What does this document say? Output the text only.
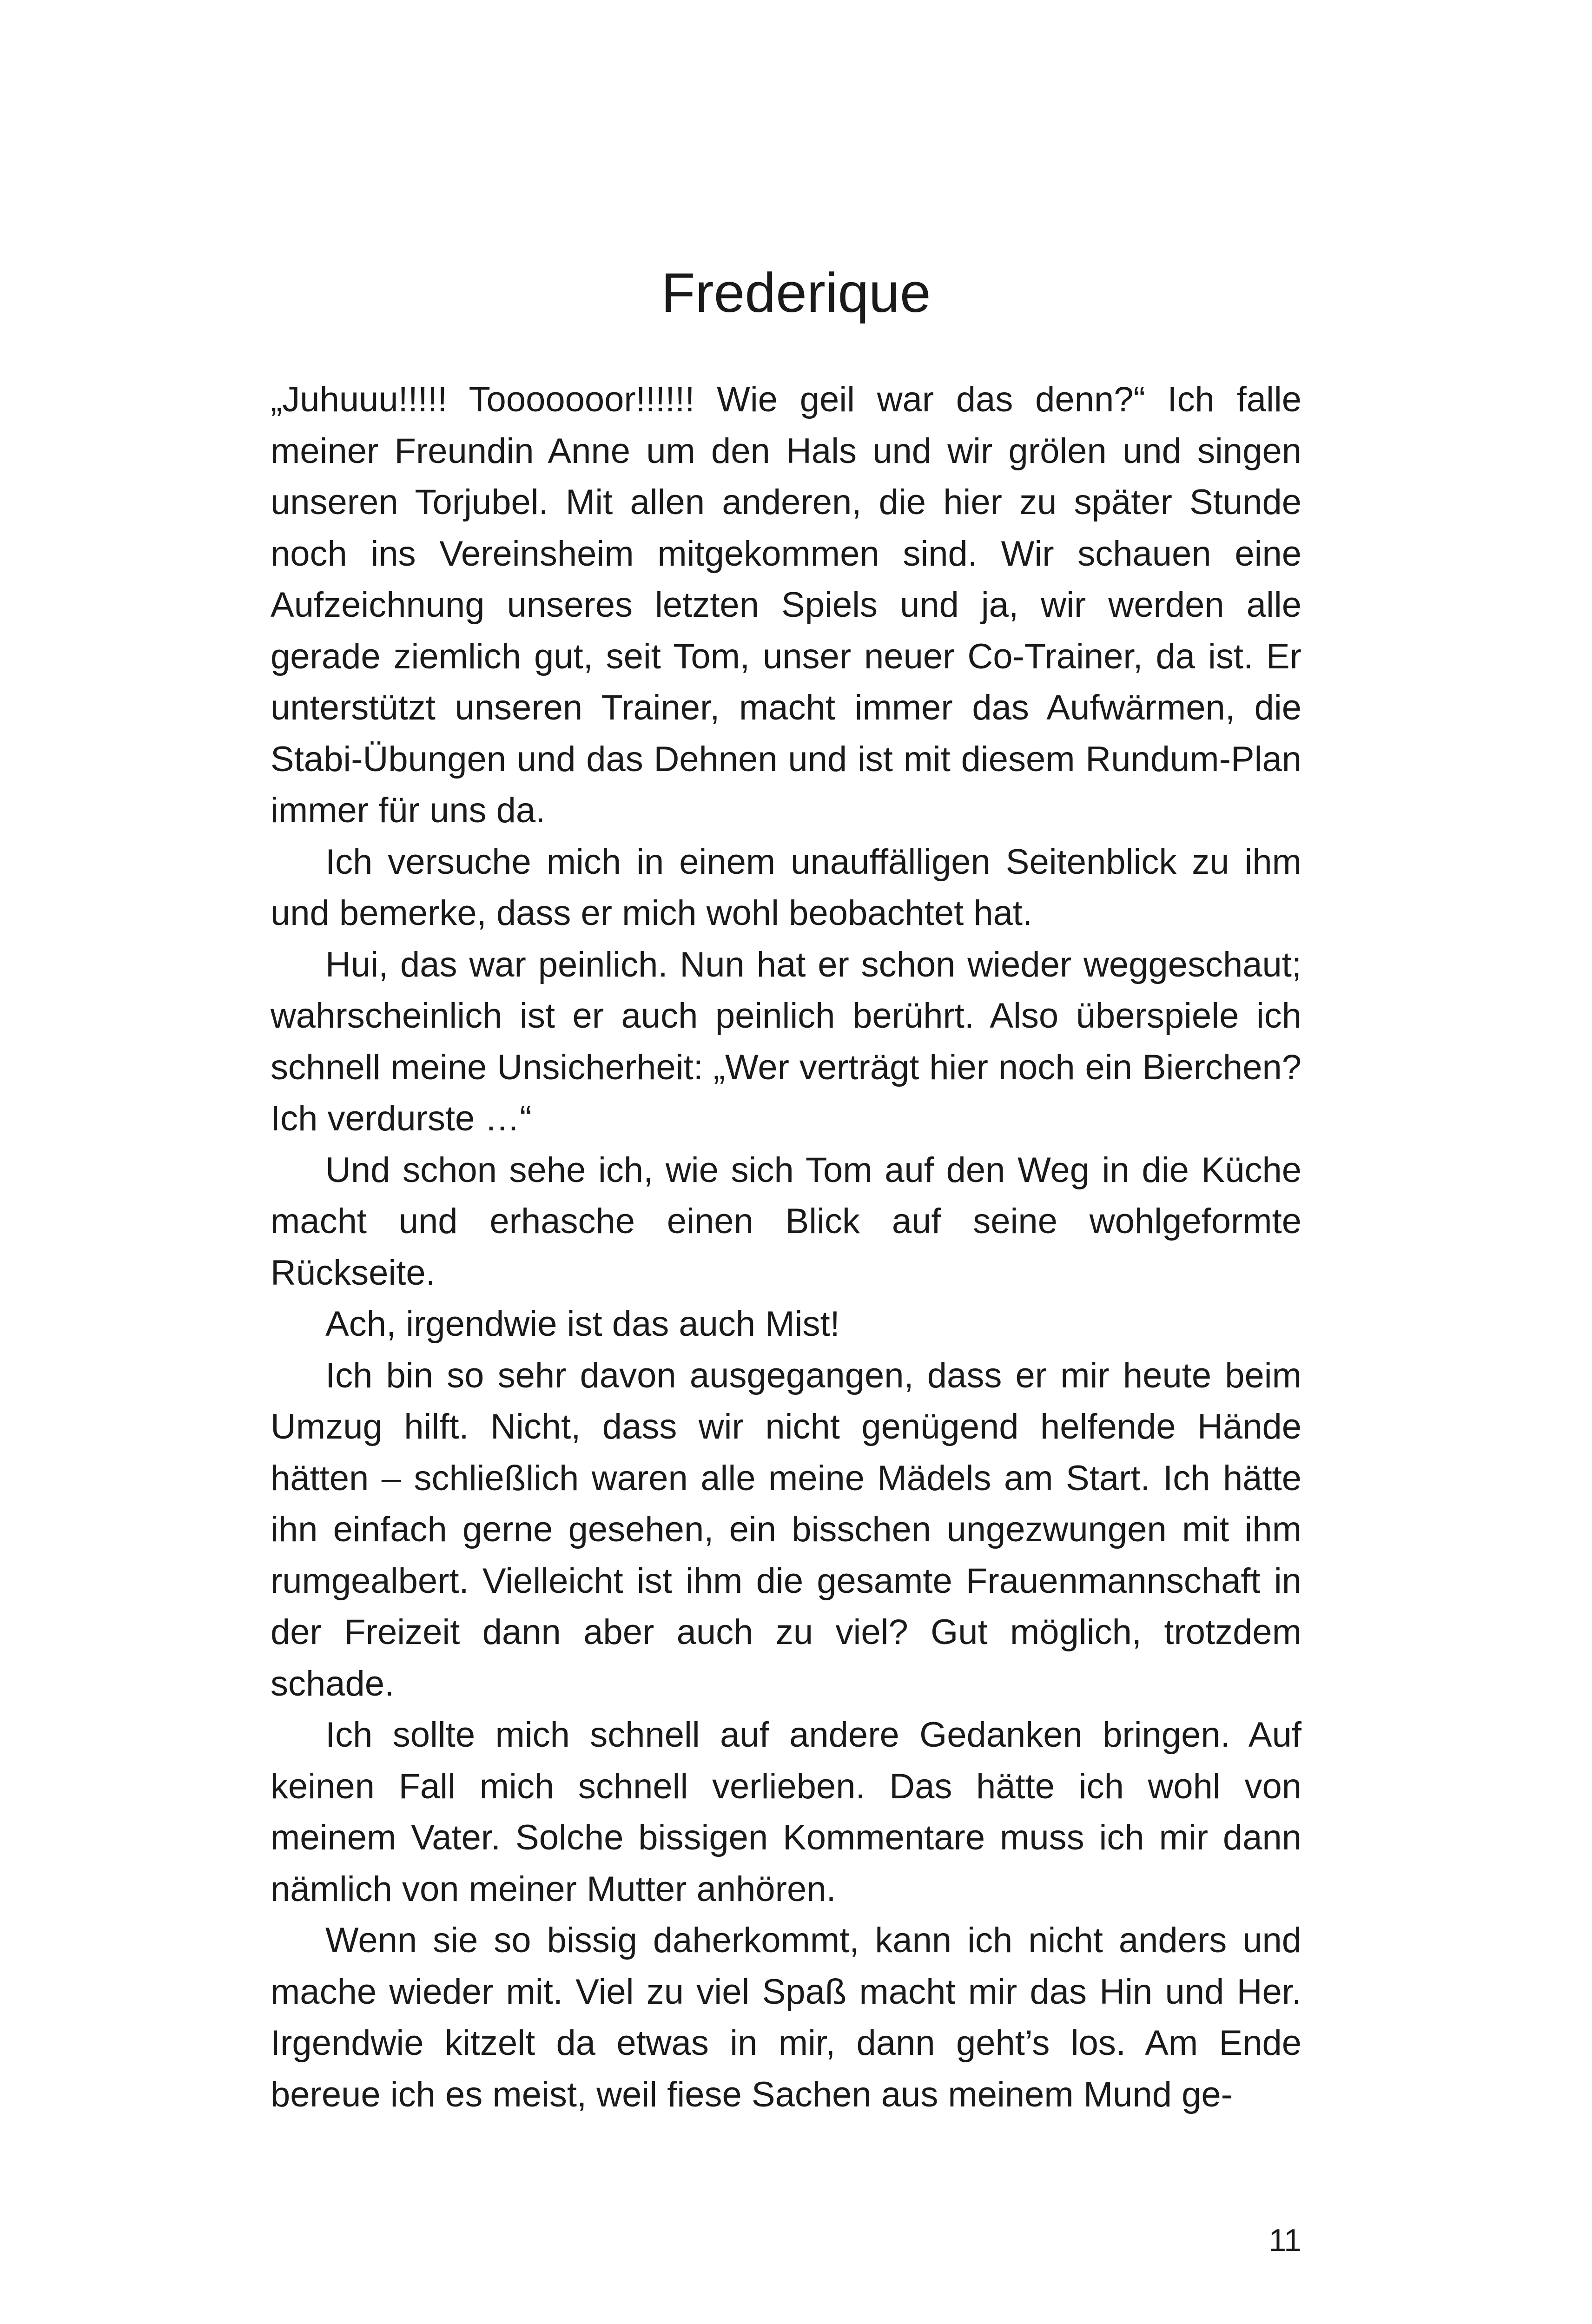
Frederique

„Juhuuu!!!!! Tooooooor!!!!!! Wie geil war das denn?“ Ich falle meiner Freundin Anne um den Hals und wir grölen und singen unseren Torjubel. Mit allen anderen, die hier zu später Stunde noch ins Vereinsheim mitgekommen sind. Wir schauen eine Aufzeichnung unseres letzten Spiels und ja, wir werden alle gerade ziemlich gut, seit Tom, unser neuer Co-Trainer, da ist. Er unterstützt unseren Trainer, macht immer das Aufwärmen, die Stabi-Übungen und das Dehnen und ist mit diesem Rundum-Plan immer für uns da.

Ich versuche mich in einem unauffälligen Seitenblick zu ihm und bemerke, dass er mich wohl beobachtet hat.

Hui, das war peinlich. Nun hat er schon wieder weggeschaut; wahrscheinlich ist er auch peinlich berührt. Also überspiele ich schnell meine Unsicherheit: „Wer verträgt hier noch ein Bierchen? Ich verdurste …“

Und schon sehe ich, wie sich Tom auf den Weg in die Küche macht und erhasche einen Blick auf seine wohlgeformte Rückseite.

Ach, irgendwie ist das auch Mist!

Ich bin so sehr davon ausgegangen, dass er mir heute beim Umzug hilft. Nicht, dass wir nicht genügend helfende Hände hätten – schließlich waren alle meine Mädels am Start. Ich hätte ihn einfach gerne gesehen, ein bisschen ungezwungen mit ihm rumgealbert. Vielleicht ist ihm die gesamte Frauenmannschaft in der Freizeit dann aber auch zu viel? Gut möglich, trotzdem schade.

Ich sollte mich schnell auf andere Gedanken bringen. Auf keinen Fall mich schnell verlieben. Das hätte ich wohl von meinem Vater. Solche bissigen Kommentare muss ich mir dann nämlich von meiner Mutter anhören.

Wenn sie so bissig daherkommt, kann ich nicht anders und mache wieder mit. Viel zu viel Spaß macht mir das Hin und Her. Irgendwie kitzelt da etwas in mir, dann geht’s los. Am Ende bereue ich es meist, weil fiese Sachen aus meinem Mund ge-

11
